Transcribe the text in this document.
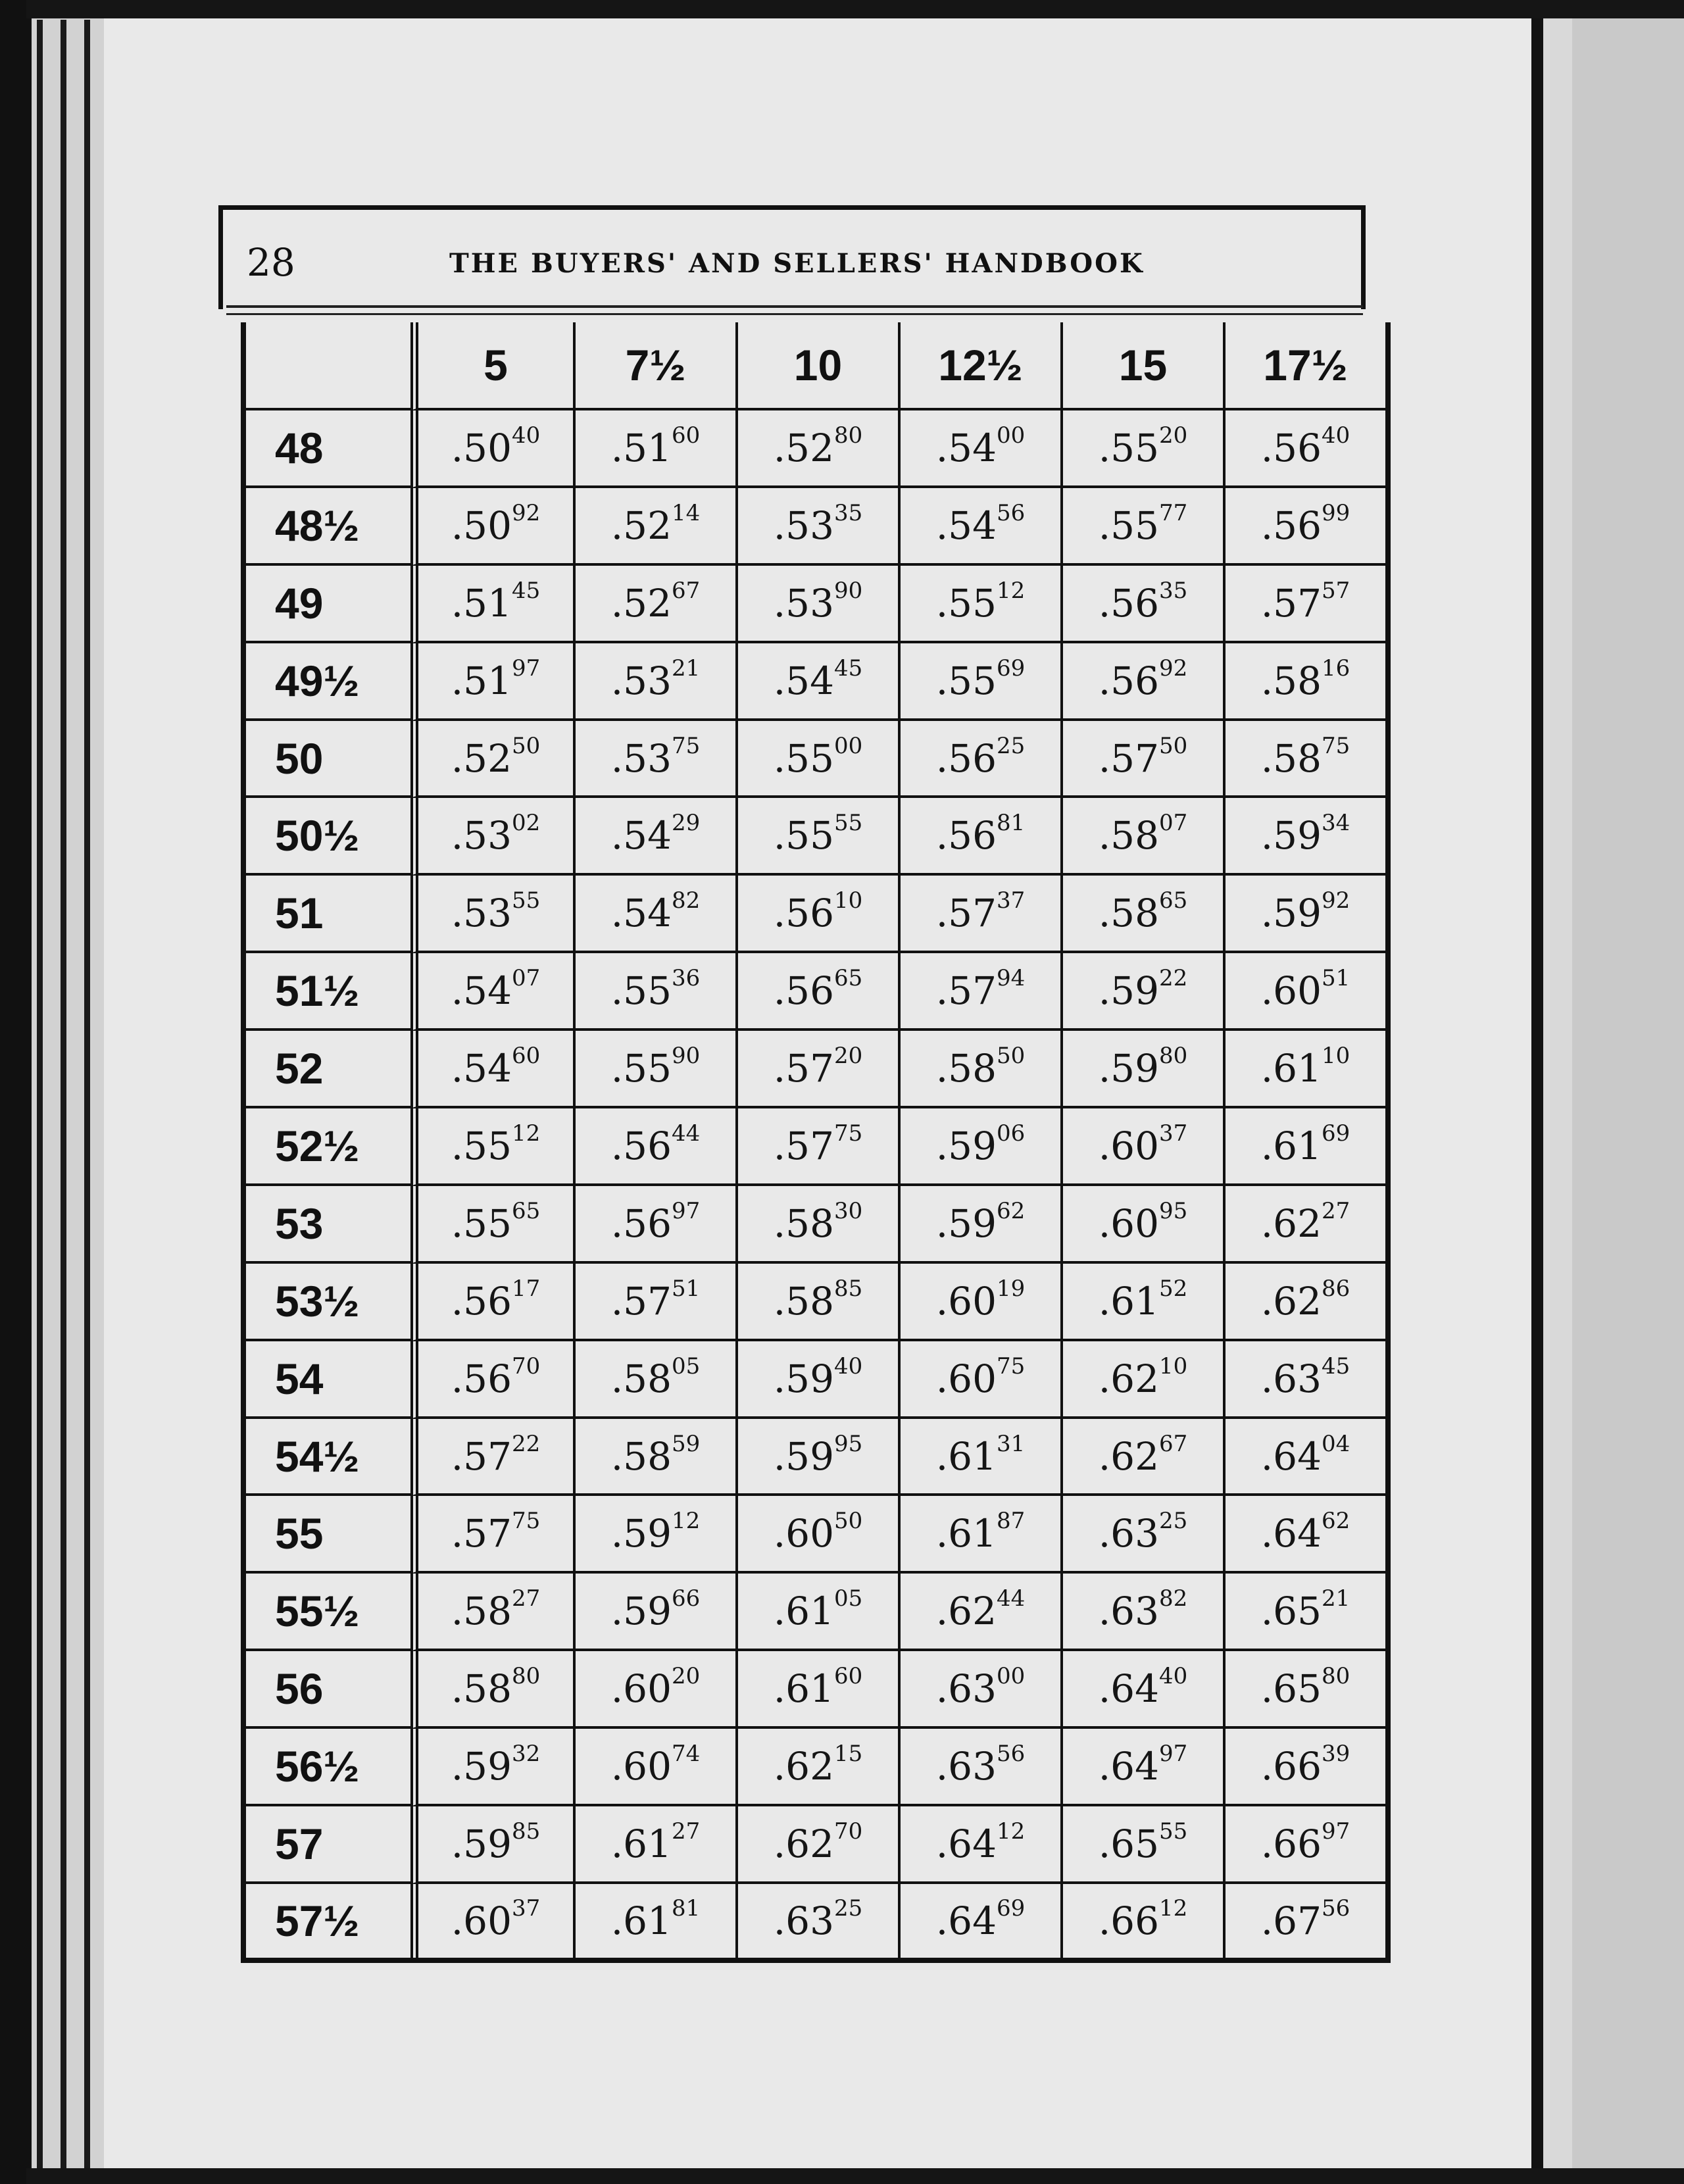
28	THE BUYERS' AND SELLERS' HANDBOOK
	5	7½	10	12½	15	17½
48	$.50^{40}$	$.51^{60}$	$.52^{80}$	$.54^{00}$	$.55^{20}$	$.56^{40}$
48½	$.50^{92}$	$.52^{14}$	$.53^{35}$	$.54^{56}$	$.55^{77}$	$.56^{99}$
49	$.51^{45}$	$.52^{67}$	$.53^{90}$	$.55^{12}$	$.56^{35}$	$.57^{57}$
49½	$.51^{97}$	$.53^{21}$	$.54^{45}$	$.55^{69}$	$.56^{92}$	$.58^{16}$
50	$.52^{50}$	$.53^{75}$	$.55^{00}$	$.56^{25}$	$.57^{50}$	$.58^{75}$
50½	$.53^{02}$	$.54^{29}$	$.55^{55}$	$.56^{81}$	$.58^{07}$	$.59^{34}$
51	$.53^{55}$	$.54^{82}$	$.56^{10}$	$.57^{37}$	$.58^{65}$	$.59^{92}$
51½	$.54^{07}$	$.55^{36}$	$.56^{65}$	$.57^{94}$	$.59^{22}$	$.60^{51}$
52	$.54^{60}$	$.55^{90}$	$.57^{20}$	$.58^{50}$	$.59^{80}$	$.61^{10}$
52½	$.55^{12}$	$.56^{44}$	$.57^{75}$	$.59^{06}$	$.60^{37}$	$.61^{69}$
53	$.55^{65}$	$.56^{97}$	$.58^{30}$	$.59^{62}$	$.60^{95}$	$.62^{27}$
53½	$.56^{17}$	$.57^{51}$	$.58^{85}$	$.60^{19}$	$.61^{52}$	$.62^{86}$
54	$.56^{70}$	$.58^{05}$	$.59^{40}$	$.60^{75}$	$.62^{10}$	$.63^{45}$
54½	$.57^{22}$	$.58^{59}$	$.59^{95}$	$.61^{31}$	$.62^{67}$	$.64^{04}$
55	$.57^{75}$	$.59^{12}$	$.60^{50}$	$.61^{87}$	$.63^{25}$	$.64^{62}$
55½	$.58^{27}$	$.59^{66}$	$.61^{05}$	$.62^{44}$	$.63^{82}$	$.65^{21}$
56	$.58^{80}$	$.60^{20}$	$.61^{60}$	$.63^{00}$	$.64^{40}$	$.65^{80}$
56½	$.59^{32}$	$.60^{74}$	$.62^{15}$	$.63^{56}$	$.64^{97}$	$.66^{39}$
57	$.59^{85}$	$.61^{27}$	$.62^{70}$	$.64^{12}$	$.65^{55}$	$.66^{97}$
57½	$.60^{37}$	$.61^{81}$	$.63^{25}$	$.64^{69}$	$.66^{12}$	$.67^{56}$
